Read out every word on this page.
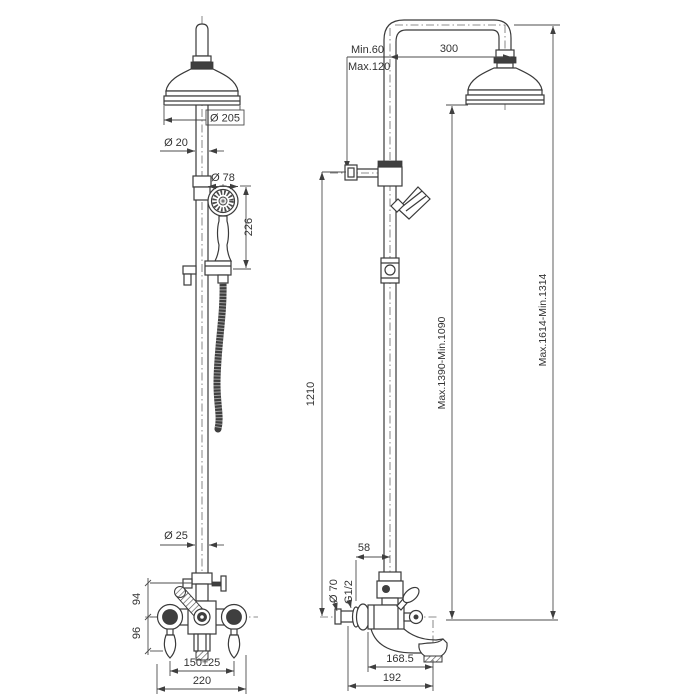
Ø 205
Ø 20
Ø 78
226
Ø 25
94
96
150±25
220
Min.60
Max.120
300
58
Ø 70 G1/2
1210	Max.1390-Min.1090	Max.1614-Min.1314
168.5
192
